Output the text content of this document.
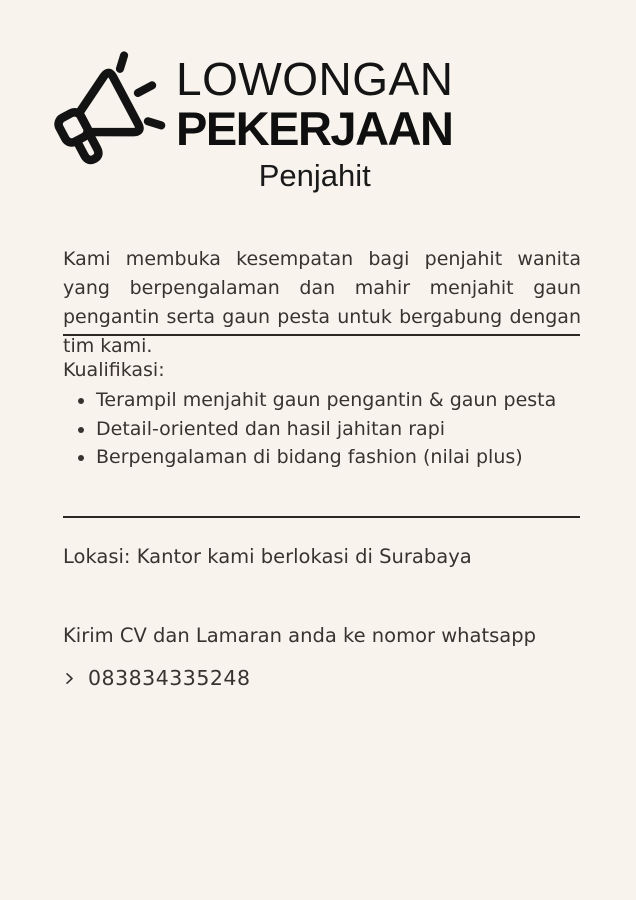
LOWONGAN
PEKERJAAN
Penjahit

Kami membuka kesempatan bagi penjahit wanita yang berpengalaman dan mahir menjahit gaun pengantin serta gaun pesta untuk bergabung dengan tim kami.

Kualifikasi:
• Terampil menjahit gaun pengantin & gaun pesta
• Detail-oriented dan hasil jahitan rapi
• Berpengalaman di bidang fashion (nilai plus)
Lokasi: Kantor kami berlokasi di Surabaya
Kirim CV dan Lamaran anda ke nomor whatsapp
083834335248
